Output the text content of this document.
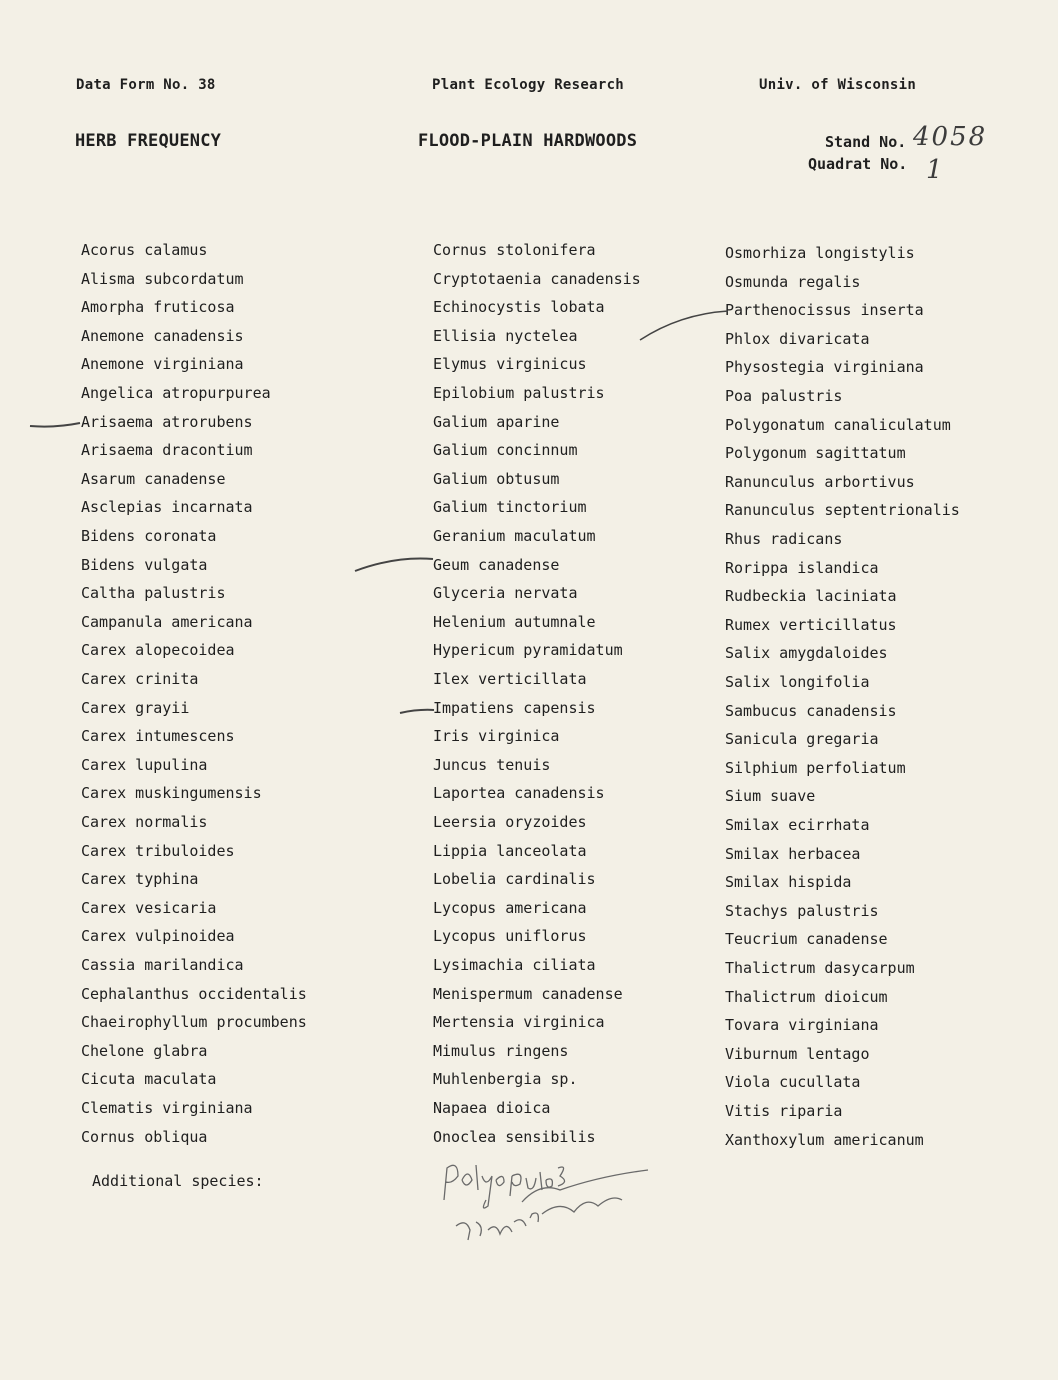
Data Form No. 38	Plant Ecology Research	Univ. of Wisconsin
HERB FREQUENCY	FLOOD-PLAIN HARDWOODS	Stand No. 4058
Quadrat No. 1
Acorus calamus
Alisma subcordatum
Amorpha fruticosa
Anemone canadensis
Anemone virginiana
Angelica atropurpurea
Arisaema atrorubens
Arisaema dracontium
Asarum canadense
Asclepias incarnata
Bidens coronata
Bidens vulgata
Caltha palustris
Campanula americana
Carex alopecoidea
Carex crinita
Carex grayii
Carex intumescens
Carex lupulina
Carex muskingumensis
Carex normalis
Carex tribuloides
Carex typhina
Carex vesicaria
Carex vulpinoidea
Cassia marilandica
Cephalanthus occidentalis
Chaeirophyllum procumbens
Chelone glabra
Cicuta maculata
Clematis virginiana
Cornus obliqua
Cornus stolonifera
Cryptotaenia canadensis
Echinocystis lobata
Ellisia nyctelea
Elymus virginicus
Epilobium palustris
Galium aparine
Galium concinnum
Galium obtusum
Galium tinctorium
Geranium maculatum
Geum canadense
Glyceria nervata
Helenium autumnale
Hypericum pyramidatum
Ilex verticillata
Impatiens capensis
Iris virginica
Juncus tenuis
Laportea canadensis
Leersia oryzoides
Lippia lanceolata
Lobelia cardinalis
Lycopus americana
Lycopus uniflorus
Lysimachia ciliata
Menispermum canadense
Mertensia virginica
Mimulus ringens
Muhlenbergia sp.
Napaea dioica
Onoclea sensibilis
Osmorhiza longistylis
Osmunda regalis
Parthenocissus inserta
Phlox divaricata
Physostegia virginiana
Poa palustris
Polygonatum canaliculatum
Polygonum sagittatum
Ranunculus arbortivus
Ranunculus septentrionalis
Rhus radicans
Rorippa islandica
Rudbeckia laciniata
Rumex verticillatus
Salix amygdaloides
Salix longifolia
Sambucus canadensis
Sanicula gregaria
Silphium perfoliatum
Sium suave
Smilax ecirrhata
Smilax herbacea
Smilax hispida
Stachys palustris
Teucrium canadense
Thalictrum dasycarpum
Thalictrum dioicum
Tovara virginiana
Viburnum lentago
Viola cucullata
Vitis riparia
Xanthoxylum americanum
Additional species:
